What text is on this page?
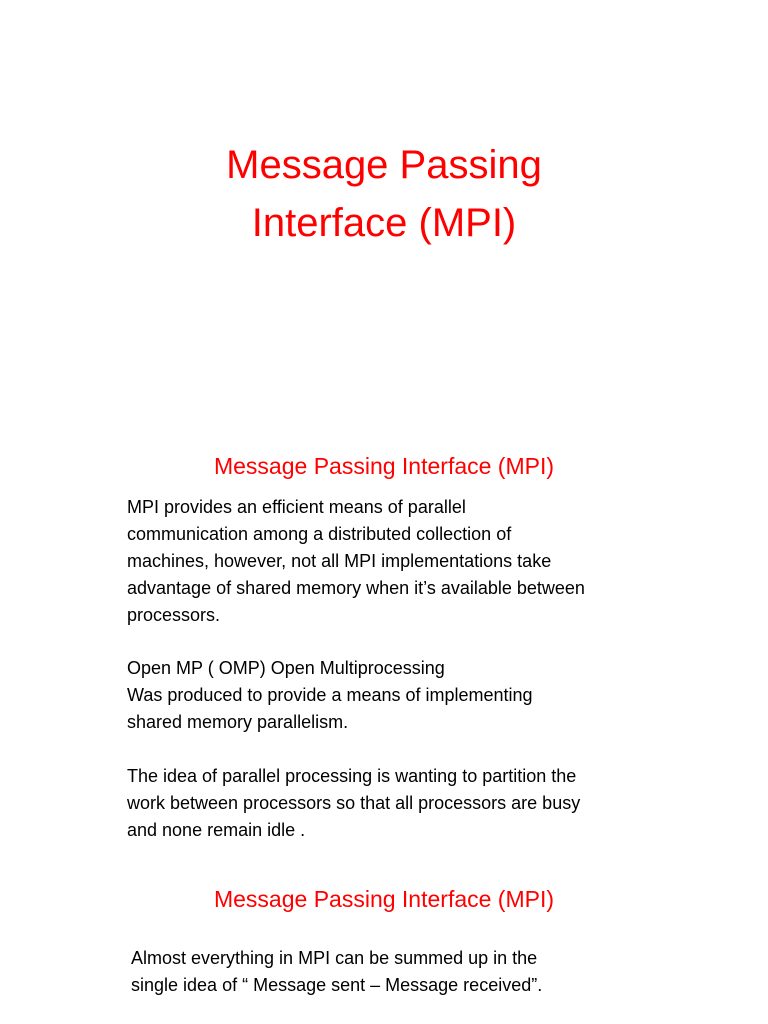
Message Passing
Interface (MPI)
Message Passing Interface (MPI)

MPI provides an efficient means of parallel
communication among a distributed collection of
machines, however, not all MPI implementations take
advantage of shared memory when it’s available between
processors.

Open MP ( OMP) Open Multiprocessing
Was produced to provide a means of implementing
shared memory parallelism.

The idea of parallel processing is wanting to partition the
work between processors so that all processors are busy
and none remain idle .

Message Passing Interface (MPI)

Almost everything in MPI can be summed up in the
single idea of “ Message sent – Message received”.
